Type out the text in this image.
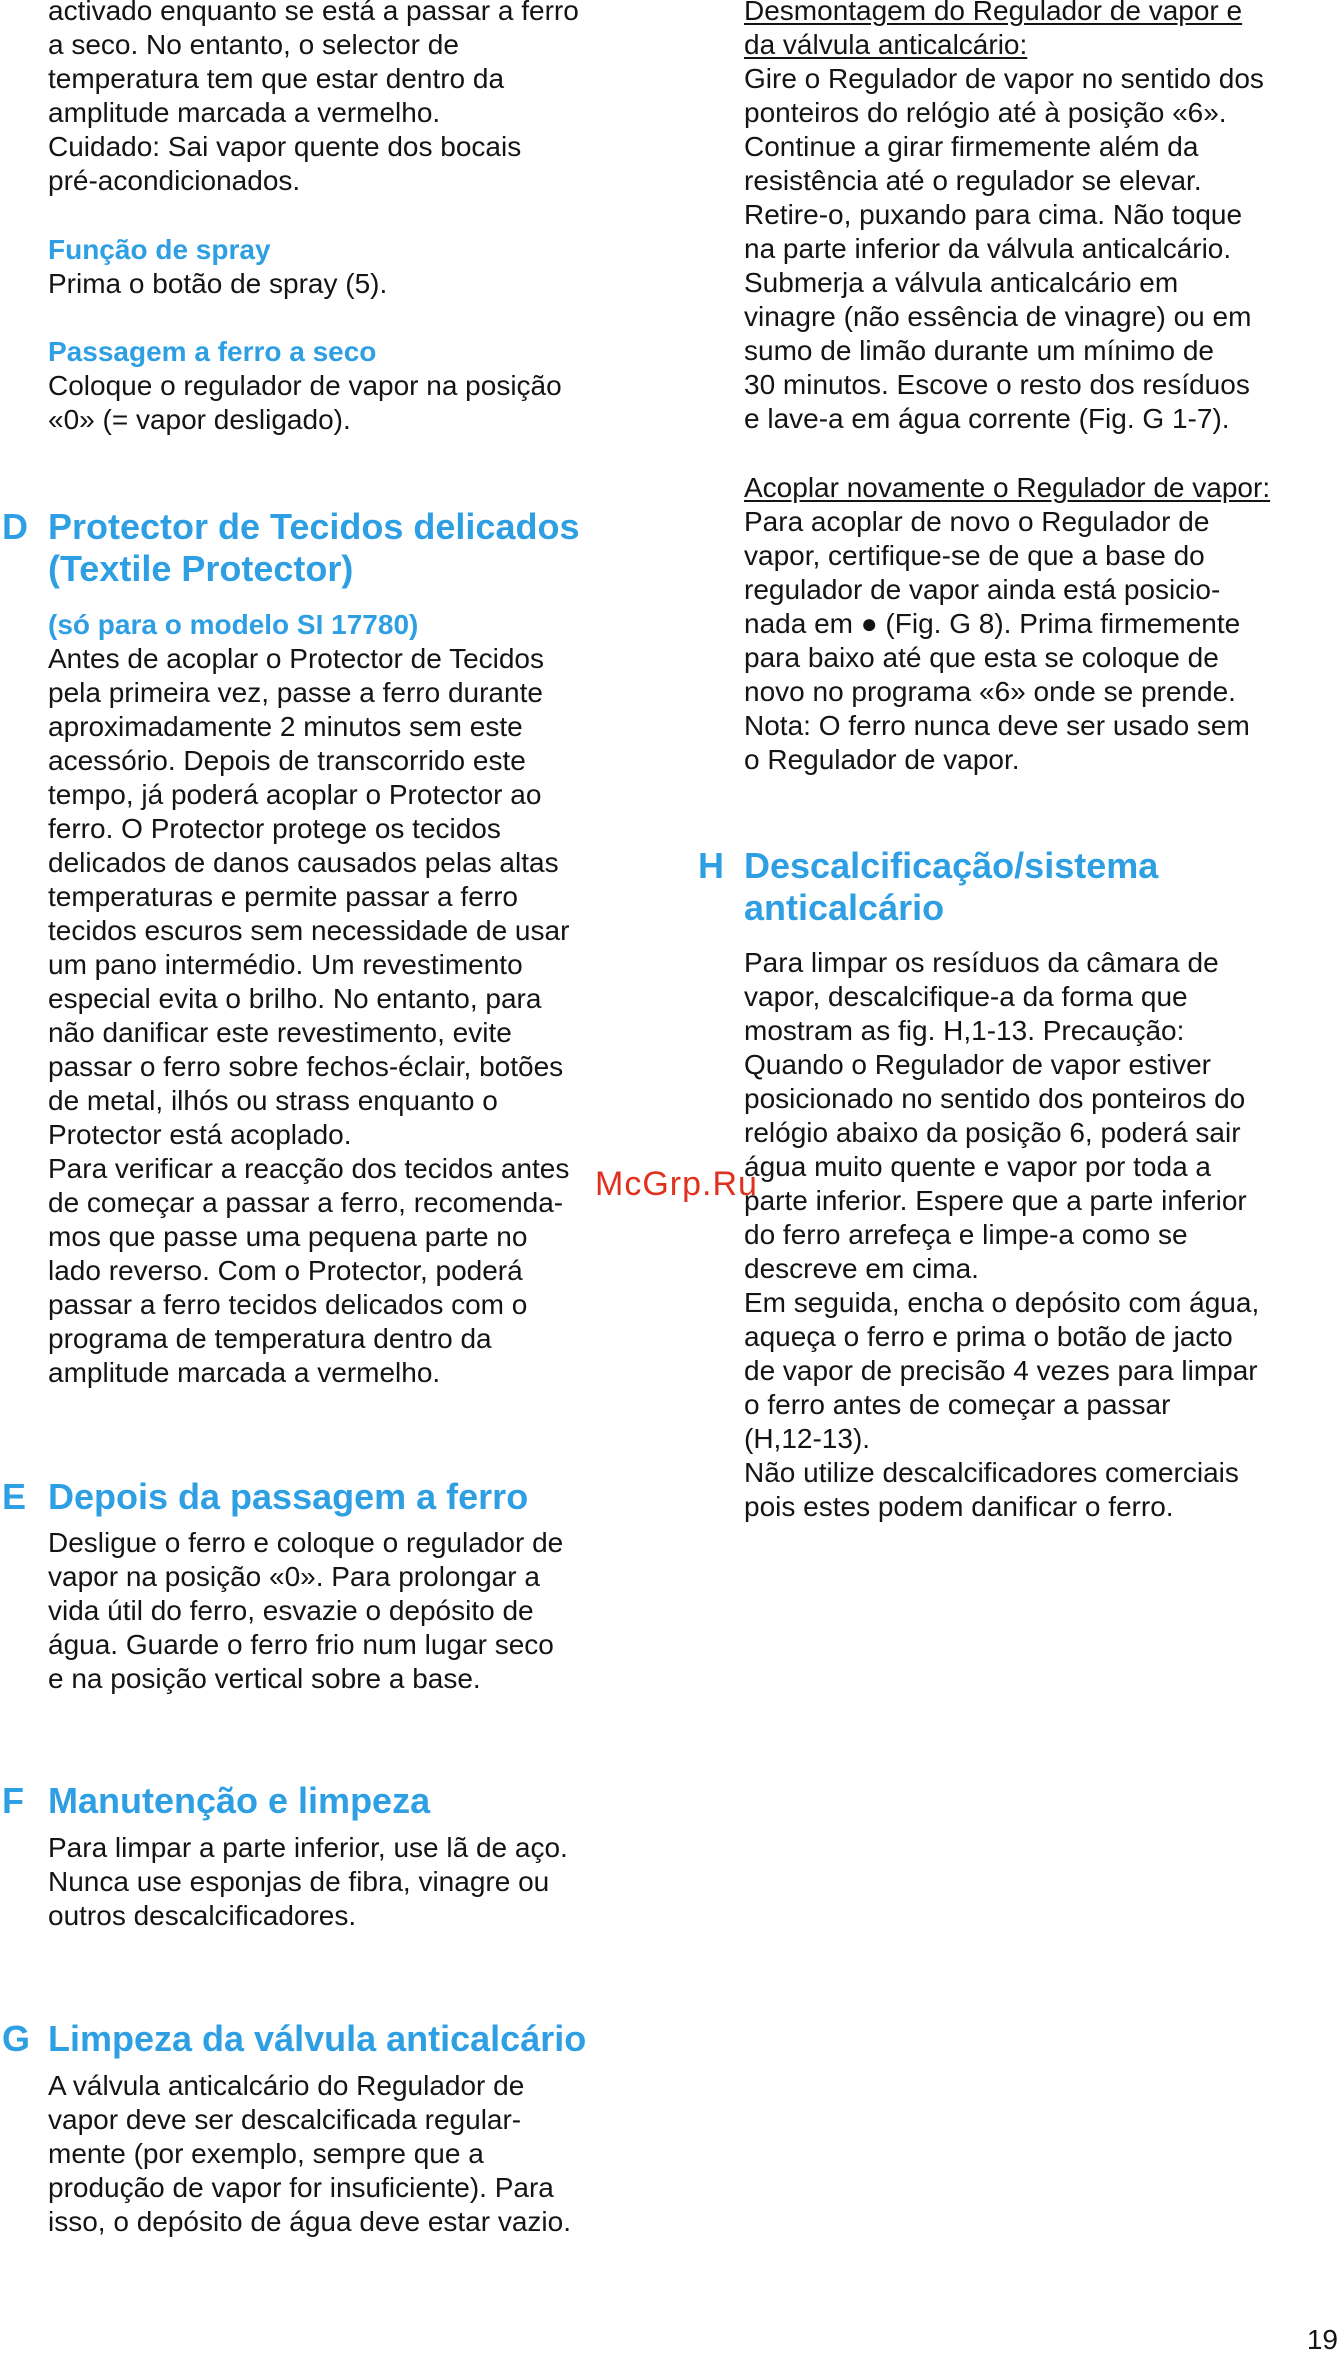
activado enquanto se está a passar a ferro
a seco. No entanto, o selector de
temperatura tem que estar dentro da
amplitude marcada a vermelho.
Cuidado: Sai vapor quente dos bocais
pré-acondicionados.

Função de spray

Prima o botão de spray (5).

Passagem a ferro a seco

Coloque o regulador de vapor na posição
«0» (= vapor desligado).

D Protector de Tecidos delicados
(Textile Protector)

(só para o modelo SI 17780)

Antes de acoplar o Protector de Tecidos
pela primeira vez, passe a ferro durante
aproximadamente 2 minutos sem este
acessório. Depois de transcorrido este
tempo, já poderá acoplar o Protector ao
ferro. O Protector protege os tecidos
delicados de danos causados pelas altas
temperaturas e permite passar a ferro
tecidos escuros sem necessidade de usar
um pano intermédio. Um revestimento
especial evita o brilho. No entanto, para
não danificar este revestimento, evite
passar o ferro sobre fechos-éclair, botões
de metal, ilhós ou strass enquanto o
Protector está acoplado.
Para verificar a reacção dos tecidos antes
de começar a passar a ferro, recomenda-
mos que passe uma pequena parte no
lado reverso. Com o Protector, poderá
passar a ferro tecidos delicados com o
programa de temperatura dentro da
amplitude marcada a vermelho.

E Depois da passagem a ferro

Desligue o ferro e coloque o regulador de
vapor na posição «0». Para prolongar a
vida útil do ferro, esvazie o depósito de
água. Guarde o ferro frio num lugar seco
e na posição vertical sobre a base.

F Manutenção e limpeza

Para limpar a parte inferior, use lã de aço.
Nunca use esponjas de fibra, vinagre ou
outros descalcificadores.

G Limpeza da válvula anticalcário

A válvula anticalcário do Regulador de
vapor deve ser descalcificada regular-
mente (por exemplo, sempre que a
produção de vapor for insuficiente). Para
isso, o depósito de água deve estar vazio.

Desmontagem do Regulador de vapor e
da válvula anticalcário:

Gire o Regulador de vapor no sentido dos
ponteiros do relógio até à posição «6».
Continue a girar firmemente além da
resistência até o regulador se elevar.
Retire-o, puxando para cima. Não toque
na parte inferior da válvula anticalcário.
Submerja a válvula anticalcário em
vinagre (não essência de vinagre) ou em
sumo de limão durante um mínimo de
30 minutos. Escove o resto dos resíduos
e lave-a em água corrente (Fig. G 1-7).

Acoplar novamente o Regulador de vapor:

Para acoplar de novo o Regulador de
vapor, certifique-se de que a base do
regulador de vapor ainda está posicio-
nada em ● (Fig. G 8). Prima firmemente
para baixo até que esta se coloque de
novo no programa «6» onde se prende.
Nota: O ferro nunca deve ser usado sem
o Regulador de vapor.

H Descalcificação/sistema
anticalcário

Para limpar os resíduos da câmara de
vapor, descalcifique-a da forma que
mostram as fig. H,1-13. Precaução:
Quando o Regulador de vapor estiver
posicionado no sentido dos ponteiros do
relógio abaixo da posição 6, poderá sair
água muito quente e vapor por toda a
parte inferior. Espere que a parte inferior
do ferro arrefeça e limpe-a como se
descreve em cima.
Em seguida, encha o depósito com água,
aqueça o ferro e prima o botão de jacto
de vapor de precisão 4 vezes para limpar
o ferro antes de começar a passar
(H,12-13).
Não utilize descalcificadores comerciais
pois estes podem danificar o ferro.

McGrp.Ru
19
